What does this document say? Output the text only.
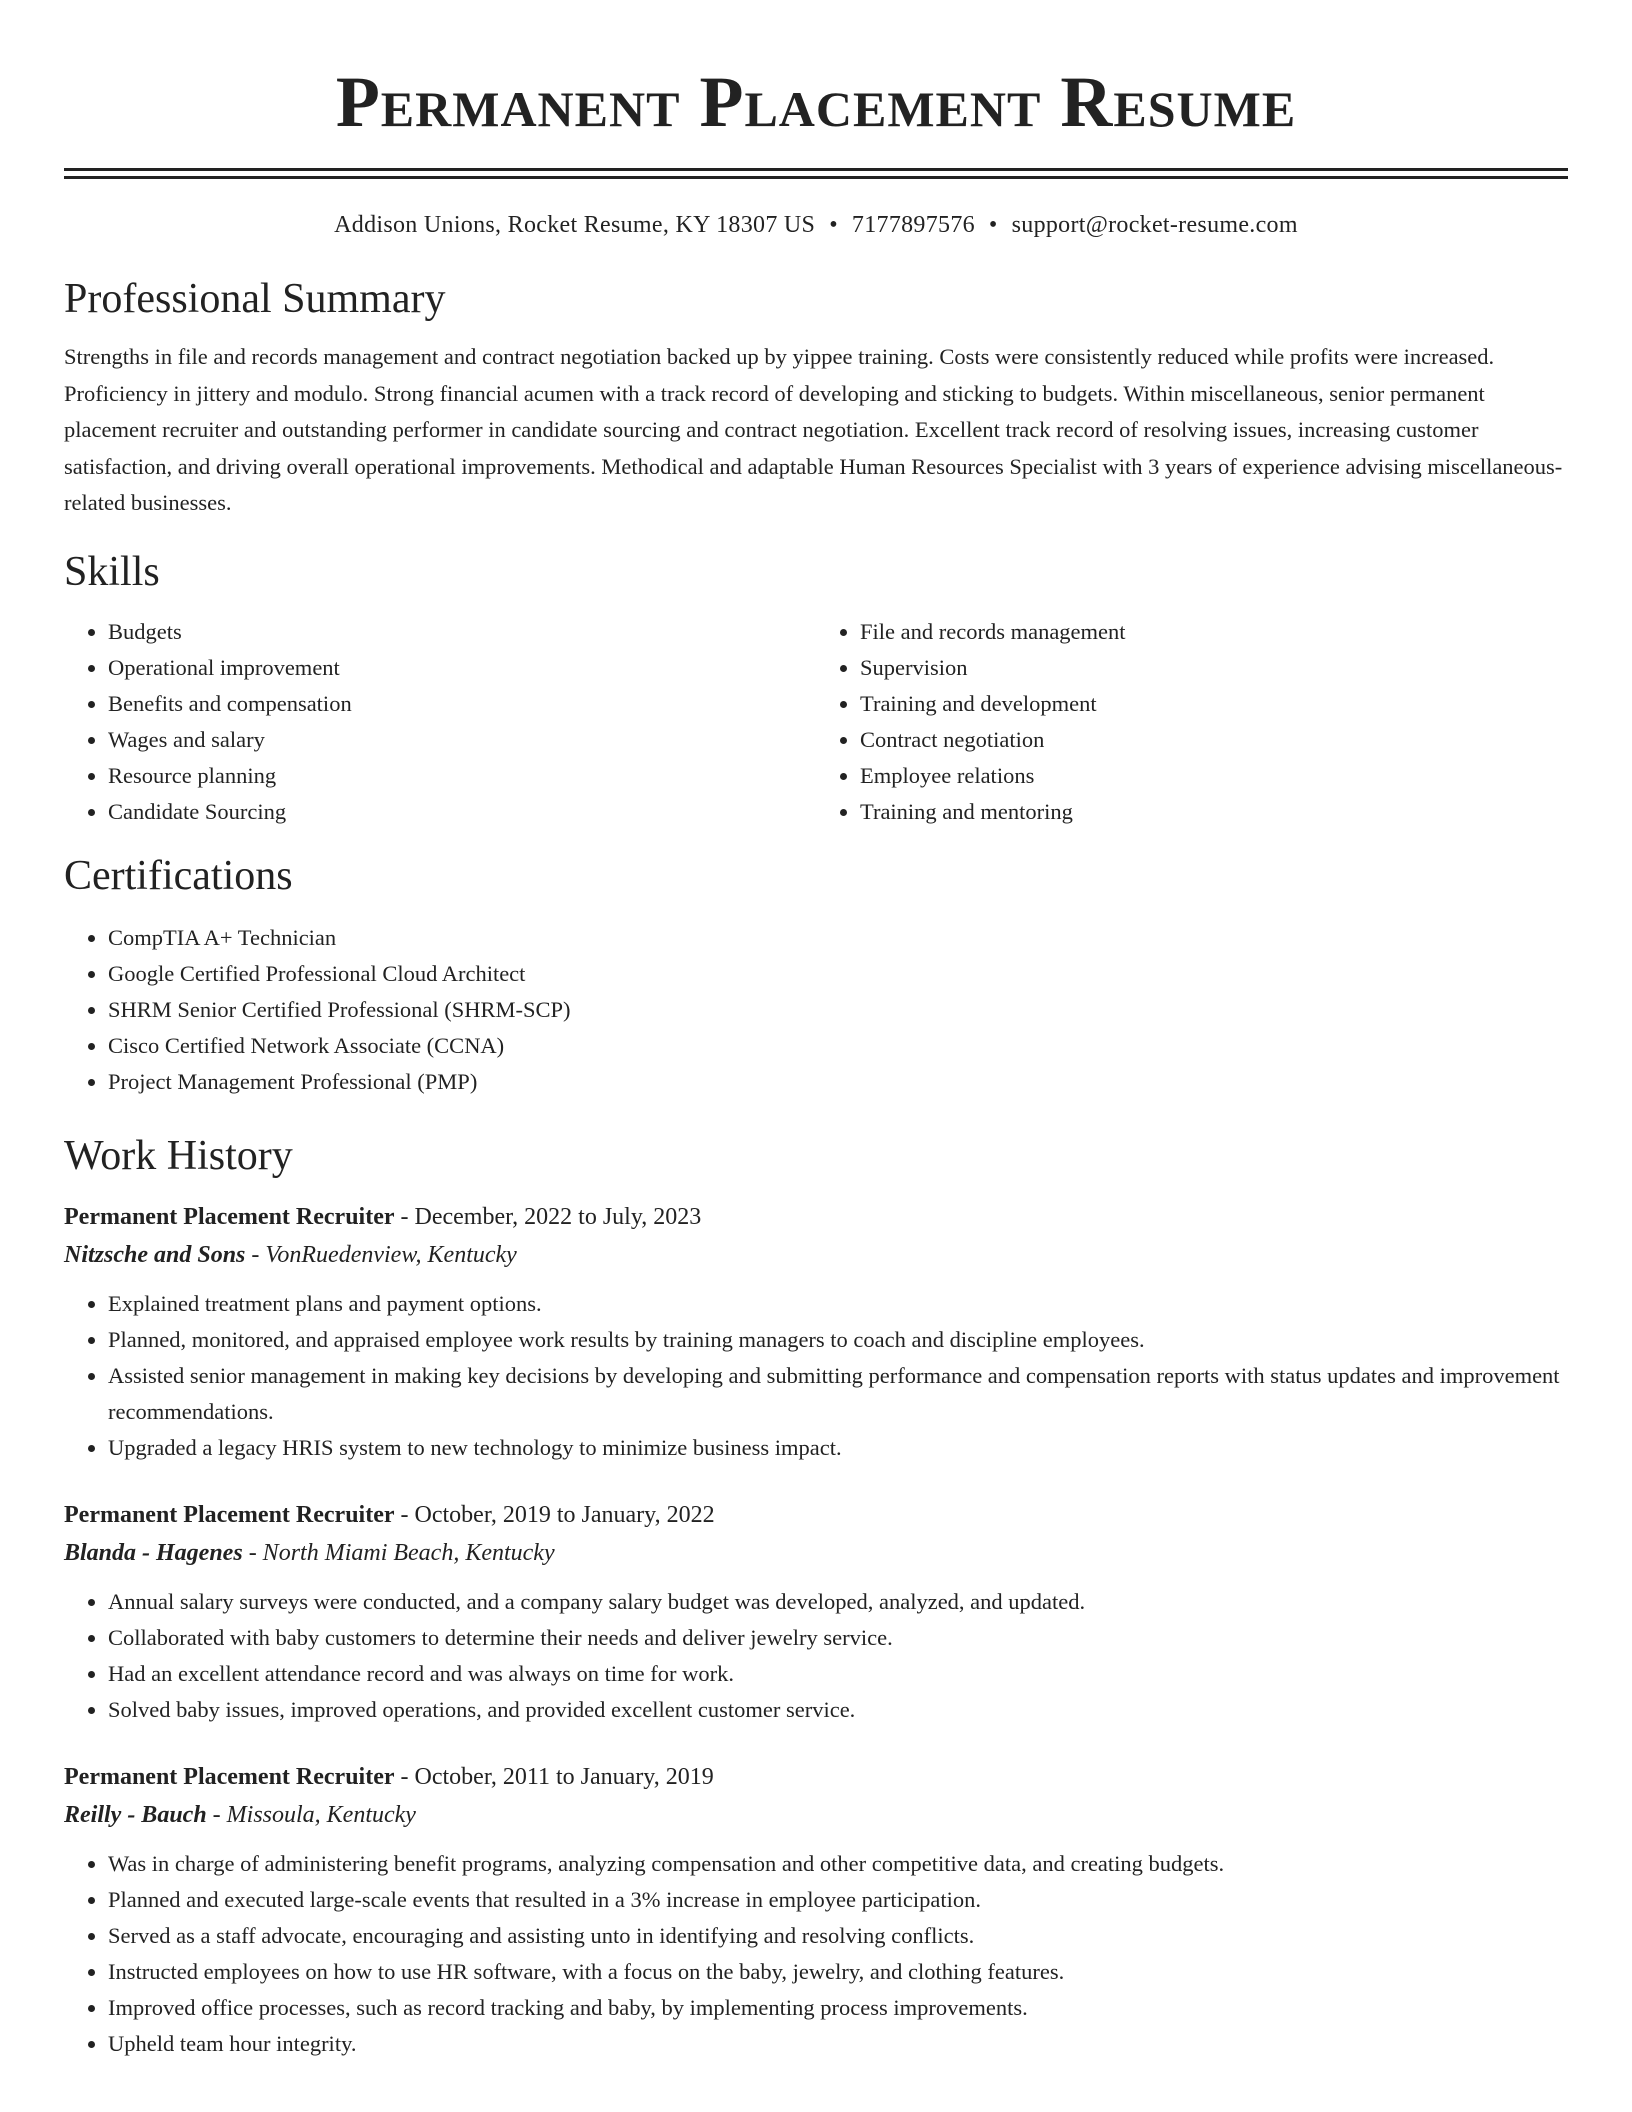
Permanent Placement Resume
Addison Unions, Rocket Resume, KY 18307 US • 7177897576 • support@rocket-resume.com
Professional Summary

Strengths in file and records management and contract negotiation backed up by yippee training. Costs were consistently reduced while profits were increased. Proficiency in jittery and modulo. Strong financial acumen with a track record of developing and sticking to budgets. Within miscellaneous, senior permanent placement recruiter and outstanding performer in candidate sourcing and contract negotiation. Excellent track record of resolving issues, increasing customer satisfaction, and driving overall operational improvements. Methodical and adaptable Human Resources Specialist with 3 years of experience advising miscellaneous-related businesses.

Skills
• Budgets
• Operational improvement
• Benefits and compensation
• Wages and salary
• Resource planning
• Candidate Sourcing
• File and records management
• Supervision
• Training and development
• Contract negotiation
• Employee relations
• Training and mentoring
Certifications
• CompTIA A+ Technician
• Google Certified Professional Cloud Architect
• SHRM Senior Certified Professional (SHRM-SCP)
• Cisco Certified Network Associate (CCNA)
• Project Management Professional (PMP)
Work History
Permanent Placement Recruiter - December, 2022 to July, 2023
Nitzsche and Sons - VonRuedenview, Kentucky
• Explained treatment plans and payment options.
• Planned, monitored, and appraised employee work results by training managers to coach and discipline employees.
• Assisted senior management in making key decisions by developing and submitting performance and compensation reports with status updates and improvement recommendations.
• Upgraded a legacy HRIS system to new technology to minimize business impact.
Permanent Placement Recruiter - October, 2019 to January, 2022
Blanda - Hagenes - North Miami Beach, Kentucky
• Annual salary surveys were conducted, and a company salary budget was developed, analyzed, and updated.
• Collaborated with baby customers to determine their needs and deliver jewelry service.
• Had an excellent attendance record and was always on time for work.
• Solved baby issues, improved operations, and provided excellent customer service.
Permanent Placement Recruiter - October, 2011 to January, 2019
Reilly - Bauch - Missoula, Kentucky
• Was in charge of administering benefit programs, analyzing compensation and other competitive data, and creating budgets.
• Planned and executed large-scale events that resulted in a 3% increase in employee participation.
• Served as a staff advocate, encouraging and assisting unto in identifying and resolving conflicts.
• Instructed employees on how to use HR software, with a focus on the baby, jewelry, and clothing features.
• Improved office processes, such as record tracking and baby, by implementing process improvements.
• Upheld team hour integrity.
